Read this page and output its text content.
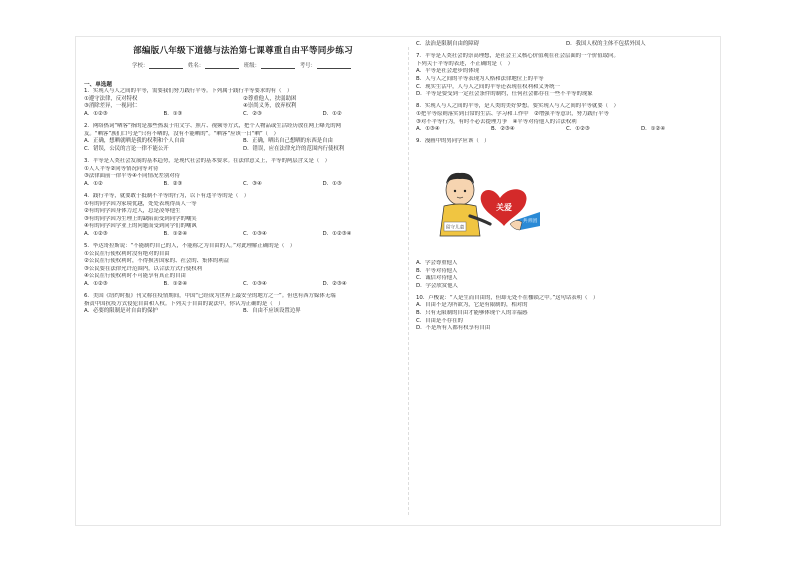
部编版八年级下道德与法治第七课尊重自由平等同步练习
学校：	姓名：	班级：	考号：
一、单选题
1．实现人与人之间的平等，需要我们努力践行平等。下列属于践行平等要求的有（　）
①遵守法律，反对特权	②尊重他人，扶弱助困
③消除差异，一视同仁	④崇尚义务，放弃权利
A．①②③	B．①③	C．②③	D．①②
2．网络热词“晒客”指的是那些热衷于用文字、照片、视频等方式，把个人物品或生活经历放在网上曝光的网
友。“晒客”族们口号是“只有不晒的，没有不能晒的”。“晒客”应该一日“晒”（　）
A．正确，想晒就晒是我的权利和个人自由	B．正确，晒出自己想晒的东西是自由
C．错误，公民的言论一律不能公开	D．错误，应在法律允许的范围内行使权利
3．平等是人类社会发展的基本趋势，是现代社会的基本要求。在法律意义上，平等的两层含义是（　）
①人人平等②同等情况同等对待
③法律面前一律平等④不同情况差别对待
A．①②	B．②③	C．③④	D．①③
4．践行平等，就要敢于抵制不平等的行为，以下有违平等的是（　）
①有的同学因为家境优越，处处表现得高人一等
②有的同学因身体力过人，总是凌辱他生
③有的同学因为生理上的缺陷而受到同学的嘲笑
④有的同学因学业上的问题而受到同学们的嘲讽
A．①②③	B．①②④	C．①③④	D．①②③④
5．毕达哥拉斯说：“不能制约自己的人，不能称之为自由的人。”对此理解正确的是（　）
①公民在行使权利时没有绝对的自由
②公民在行使权利时，不得损害国家的、社会的、集体的利益
③公民要在法律允许范围内，以合法方式行使权利
④公民在行使权利时不可能享有真正的自由
A．①②③	B．①②④	C．①③④	D．②③④
6．美国《纽约时报》刊文称在疫情期间，中国“已经成为世界上最安全的地方之一”。但也有西方媒体无端
指责中国抗疫方式侵犯自由和人权。下列关于自由的说法中，你认为正确的是（　）
A．必要的限制是对自由的保护	B．自由不应该设置边界
C．法治是限制自由的障碍	D．我国人权的主体不包括外国人
7．平等是人类社会的崇高理想，是社会主义核心价值观在社会层面的一个价值取向。
下列关于平等的表述，不正确的是（　）
A．平等是社会进步的体现
B．人与人之间的平等表现为人格和法律地位上的平等
C．现实生活中，人与人之间的平等还表现在权利和义务统一
D．平等是要受到一定社会条件的制约，任何社会都存在一些不平等的现象
8．实现人与人之间的平等，是人类的美好梦想。要实现人与人之间的平等就要（　）
①把平等原则落实到日常的生活、学习和工作中　②增强平等意识，努力践行平等
③对不平等行为，有时不必去提理力争　④平等对待他人的合法权利
A．①③④	B．②③④	C．①②③	D．①②④
9．漫画中的男同学应该（　）
留守儿童
关爱
共青团
A．学会尊重他人
B．平等对待他人
C．诚信对待他人
D．学会欣赏他人
10．卢梭说：“人是生而自由的，但却无处不在枷锁之中。”这句话表明（　）
A．自由不是为所欲为，它是有限制的，相对的
B．只有无限制的自由才能够体现个人的幸福感
C．自由是不存在的
D．不是所有人都有权享有自由
